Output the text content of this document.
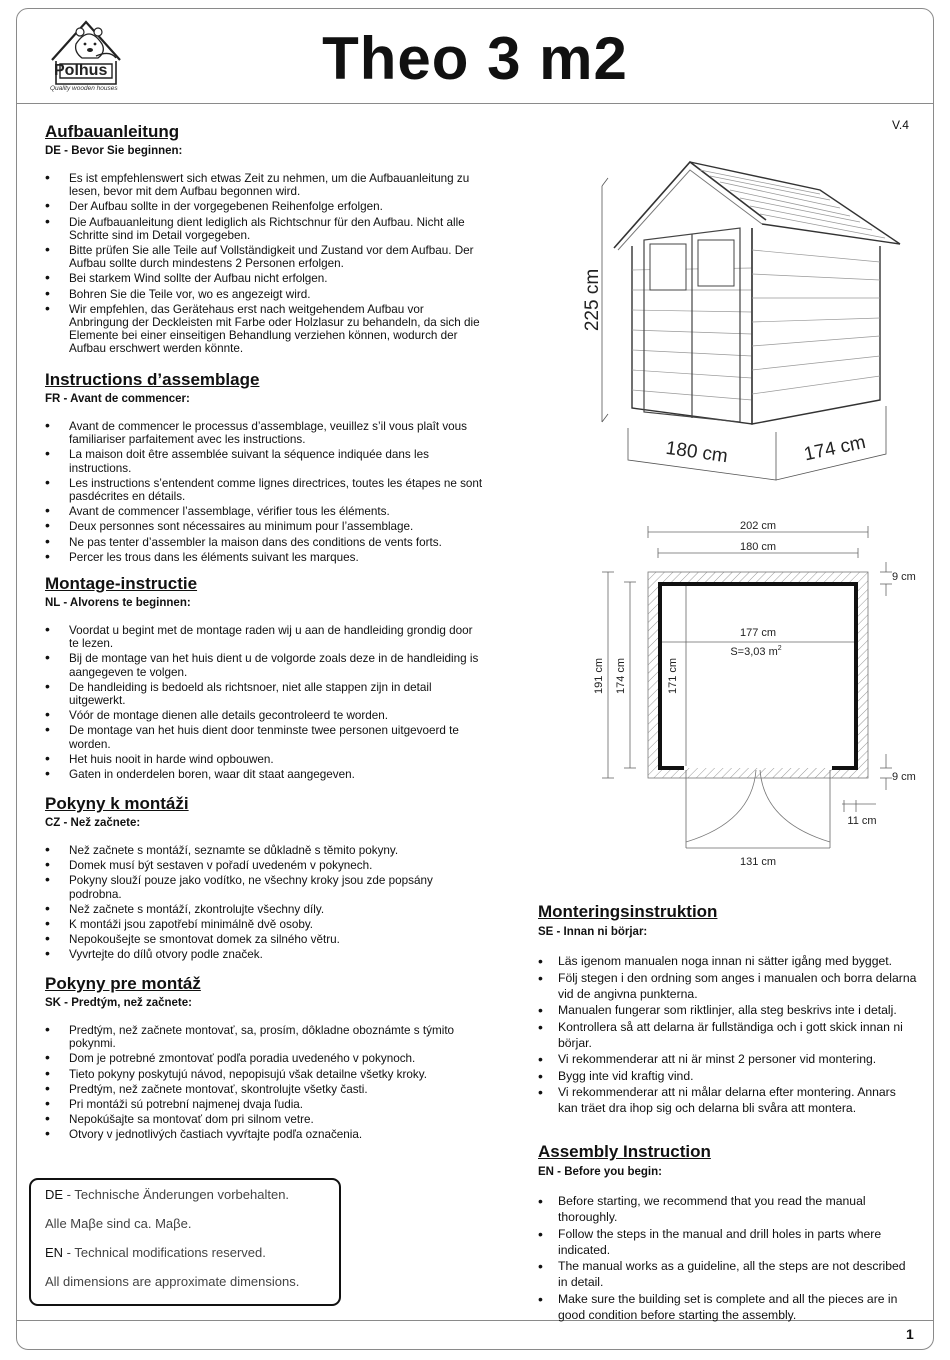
Polhus
Quality wooden houses	Theo 3 m2
V.4
Aufbauanleitung
DE - Bevor Sie beginnen:
• Es ist empfehlenswert sich etwas Zeit zu nehmen, um die Aufbauanleitung zu lesen, bevor mit dem Aufbau begonnen wird.
• Der Aufbau sollte in der vorgegebenen Reihenfolge erfolgen.
• Die Aufbauanleitung dient lediglich als Richtschnur für den Aufbau. Nicht alle Schritte sind im Detail vorgegeben.
• Bitte prüfen Sie alle Teile auf Vollständigkeit und Zustand vor dem Aufbau. Der Aufbau sollte durch mindestens 2 Personen erfolgen.
• Bei starkem Wind sollte der Aufbau nicht erfolgen.
• Bohren Sie die Teile vor, wo es angezeigt wird.
• Wir empfehlen, das Gerätehaus erst nach weitgehendem Aufbau vor Anbringung der Deckleisten mit Farbe oder Holzlasur zu behandeln, da sich die Elemente bei einer einseitigen Behandlung verziehen können, wodurch der Aufbau erschwert werden könnte.
Instructions d’assemblage
FR - Avant de commencer:
• Avant de commencer le processus d’assemblage, veuillez s’il vous plaît vous familiariser parfaitement avec les instructions.
• La maison doit être assemblée suivant la séquence indiquée dans les instructions.
• Les instructions s’entendent comme lignes directrices, toutes les étapes ne sont pasdécrites en détails.
• Avant de commencer l’assemblage, vérifier tous les éléments.
• Deux personnes sont nécessaires au minimum pour l’assemblage.
• Ne pas tenter d’assembler la maison dans des conditions de vents forts.
• Percer les trous dans les éléments suivant les marques.
Montage-instructie
NL - Alvorens te beginnen:
• Voordat u begint met de montage raden wij u aan de handleiding grondig door te lezen.
• Bij de montage van het huis dient u de volgorde zoals deze in de handleiding is aangegeven te volgen.
• De handleiding is bedoeld als richtsnoer, niet alle stappen zijn in detail uitgewerkt.
• Vóór de montage dienen alle details gecontroleerd te worden.
• De montage van het huis dient door tenminste twee personen uitgevoerd te worden.
• Het huis nooit in harde wind opbouwen.
• Gaten in onderdelen boren, waar dit staat aangegeven.
Pokyny k montáži
CZ - Než začnete:
• Než začnete s montáží, seznamte se důkladně s těmito pokyny.
• Domek musí být sestaven v pořadí uvedeném v pokynech.
• Pokyny slouží pouze jako vodítko, ne všechny kroky jsou zde popsány podrobna.
• Než začnete s montáží, zkontrolujte všechny díly.
• K montáži jsou zapotřebí minimálně dvě osoby.
• Nepokoušejte se smontovat domek za silného větru.
• Vyvrtejte do dílů otvory podle značek.
Pokyny pre montáž
SK - Predtým, než začnete:
• Predtým, než začnete montovať, sa, prosím, dôkladne oboznámte s týmito pokynmi.
• Dom je potrebné zmontovať podľa poradia uvedeného v pokynoch.
• Tieto pokyny poskytujú návod, nepopisujú však detailne všetky kroky.
• Predtým, než začnete montovať, skontrolujte všetky časti.
• Pri montáži sú potrební najmenej dvaja ľudia.
• Nepokúšajte sa montovať dom pri silnom vetre.
• Otvory v jednotlivých častiach vyvŕtajte podľa označenia.
225 cm
180 cm	174 cm
202 cm
180 cm
177 cm
S=3,03 $m^2$
171 cm
191 cm 174 cm
9 cm
9 cm
11 cm
131 cm
Monteringsinstruktion
SE - Innan ni börjar:
• Läs igenom manualen noga innan ni sätter igång med bygget.
• Följ stegen i den ordning som anges i manualen och borra delarna vid de angivna punkterna.
• Manualen fungerar som riktlinjer, alla steg beskrivs inte i detalj.
• Kontrollera så att delarna är fullständiga och i gott skick innan ni börjar.
• Vi rekommenderar att ni är minst 2 personer vid montering.
• Bygg inte vid kraftig vind.
• Vi rekommenderar att ni målar delarna efter montering. Annars kan träet dra ihop sig och delarna bli svåra att montera.
Assembly Instruction
EN - Before you begin:
• Before starting, we recommend that you read the manual thoroughly.
• Follow the steps in the manual and drill holes in parts where indicated.
• The manual works as a guideline, all the steps are not described in detail.
• Make sure the building set is complete and all the pieces are in good condition before starting the assembly.
DE - Technische Änderungen vorbehalten.
Alle Maβe sind ca. Maβe.
EN - Technical modifications reserved.
All dimensions are approximate dimensions.
1
